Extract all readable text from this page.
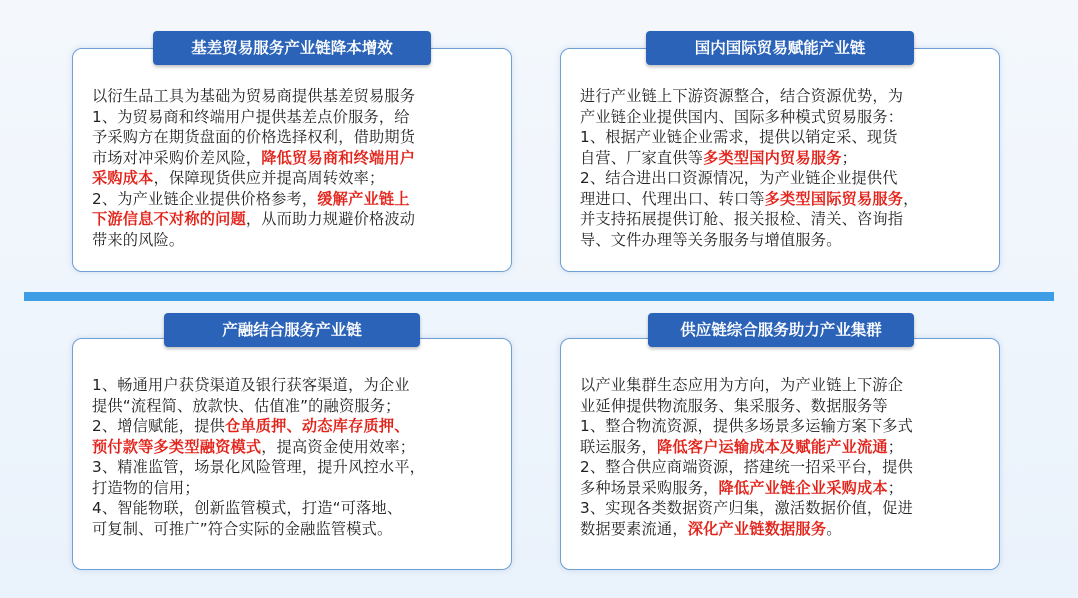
基差贸易服务产业链降本增效
以衍生品工具为基础为贸易商提供基差贸易服务
1、为贸易商和终端用户提供基差点价服务，给
予采购方在期货盘面的价格选择权利，借助期货
市场对冲采购价差风险，降低贸易商和终端用户
采购成本，保障现货供应并提高周转效率；
2、为产业链企业提供价格参考，缓解产业链上
下游信息不对称的问题，从而助力规避价格波动
带来的风险。
国内国际贸易赋能产业链
进行产业链上下游资源整合，结合资源优势，为
产业链企业提供国内、国际多种模式贸易服务：
1、根据产业链企业需求，提供以销定采、现货
自营、厂家直供等多类型国内贸易服务；
2、结合进出口资源情况，为产业链企业提供代
理进口、代理出口、转口等多类型国际贸易服务，
并支持拓展提供订舱、报关报检、清关、咨询指
导、文件办理等关务服务与增值服务。
产融结合服务产业链
1、畅通用户获贷渠道及银行获客渠道，为企业
提供“流程简、放款快、估值准”的融资服务；
2、增信赋能，提供仓单质押、动态库存质押、
预付款等多类型融资模式，提高资金使用效率；
3、精准监管，场景化风险管理，提升风控水平，
打造物的信用；
4、智能物联，创新监管模式，打造“可落地、
可复制、可推广”符合实际的金融监管模式。
供应链综合服务助力产业集群
以产业集群生态应用为方向，为产业链上下游企
业延伸提供物流服务、集采服务、数据服务等
1、整合物流资源，提供多场景多运输方案下多式
联运服务，降低客户运输成本及赋能产业流通；
2、整合供应商端资源，搭建统一招采平台，提供
多种场景采购服务，降低产业链企业采购成本；
3、实现各类数据资产归集，激活数据价值，促进
数据要素流通，深化产业链数据服务。
